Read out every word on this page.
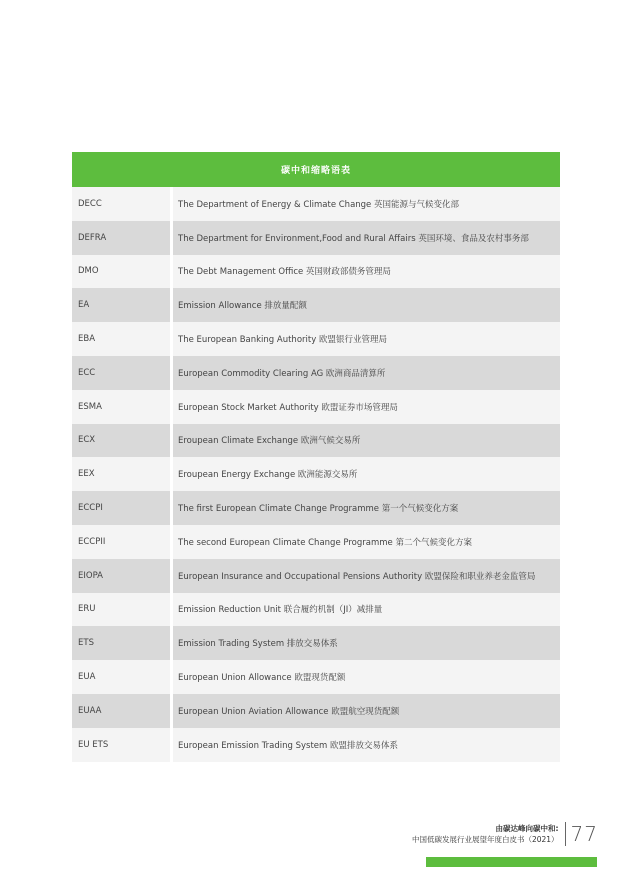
碳中和缩略语表
DECC	The Department of Energy & Climate Change 英国能源与气候变化部
DEFRA	The Department for Environment,Food and Rural Affairs 英国环境、食品及农村事务部
DMO	The Debt Management Office 英国财政部债务管理局
EA	Emission Allowance 排放量配额
EBA	The European Banking Authority 欧盟银行业管理局
ECC	European Commodity Clearing AG 欧洲商品清算所
ESMA	European Stock Market Authority 欧盟证券市场管理局
ECX	Eroupean Climate Exchange 欧洲气候交易所
EEX	Eroupean Energy Exchange 欧洲能源交易所
ECCPI	The first European Climate Change Programme 第一个气候变化方案
ECCPII	The second European Climate Change Programme 第二个气候变化方案
EIOPA	European Insurance and Occupational Pensions Authority 欧盟保险和职业养老金监管局
ERU	Emission Reduction Unit 联合履约机制（JI）减排量
ETS	Emission Trading System 排放交易体系
EUA	European Union Allowance 欧盟现货配额
EUAA	European Union Aviation Allowance 欧盟航空现货配额
EU ETS	European Emission Trading System 欧盟排放交易体系
由碳达峰向碳中和:
中国低碳发展行业展望年度白皮书（2021） 77
